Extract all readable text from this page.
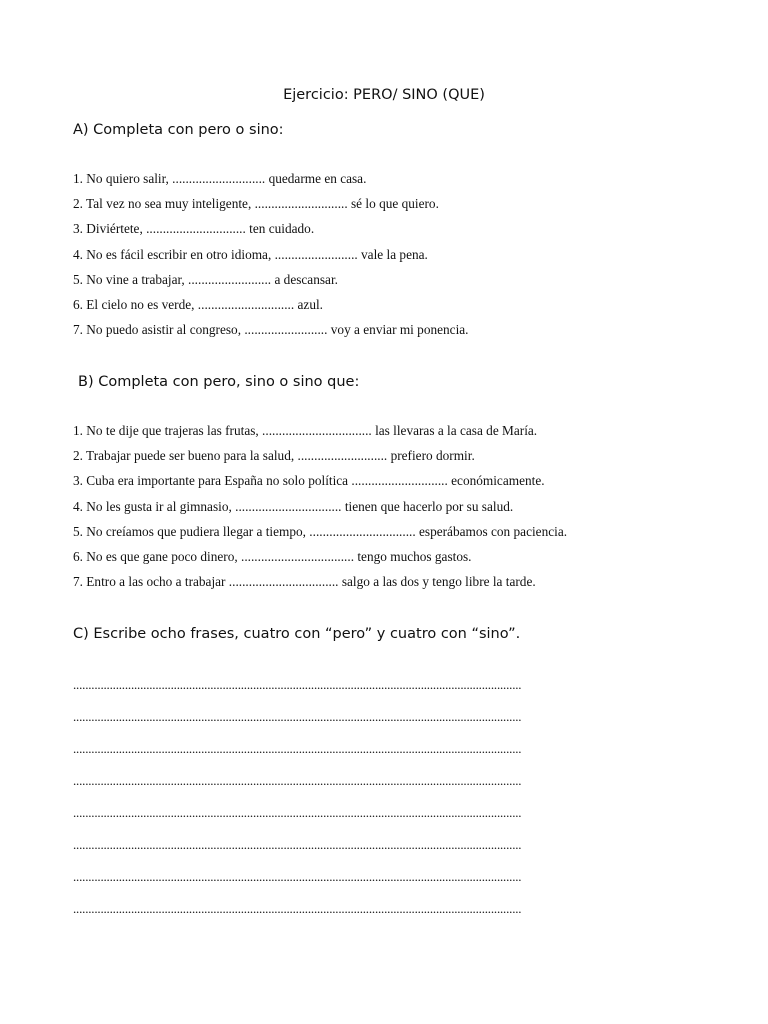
Ejercicio: PERO/ SINO (QUE)
A) Completa con pero o sino:
1. No quiero salir, ............................ quedarme en casa.
2. Tal vez no sea muy inteligente, ............................ sé lo que quiero.
3. Diviértete, .............................. ten cuidado.
4. No es fácil escribir en otro idioma, ......................... vale la pena.
5. No vine a trabajar, ......................... a descansar.
6. El cielo no es verde, ............................. azul.
7. No puedo asistir al congreso, ......................... voy a enviar mi ponencia.
B) Completa con pero, sino o sino que:
1. No te dije que trajeras las frutas, ................................. las llevaras a la casa de María.
2. Trabajar puede ser bueno para la salud, ........................... prefiero dormir.
3. Cuba era importante para España no solo política ............................. económicamente.
4. No les gusta ir al gimnasio, ................................ tienen que hacerlo por su salud.
5. No creíamos que pudiera llegar a tiempo, ................................ esperábamos con paciencia.
6. No es que gane poco dinero, .................................. tengo muchos gastos.
7. Entro a las ocho a trabajar ................................. salgo a las dos y tengo libre la tarde.
C) Escribe ocho frases, cuatro con “pero” y cuatro con “sino”.
...................................................................................................................................................
...................................................................................................................................................
...................................................................................................................................................
...................................................................................................................................................
...................................................................................................................................................
...................................................................................................................................................
...................................................................................................................................................
...................................................................................................................................................
